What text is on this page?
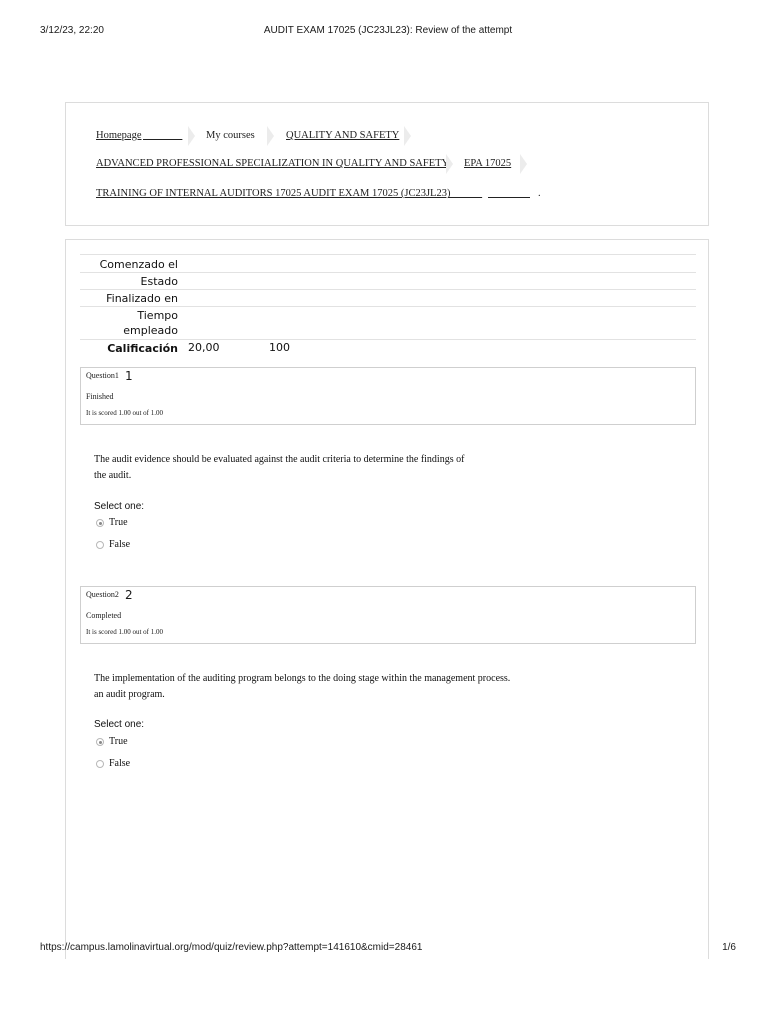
3/12/23, 22:20	AUDIT EXAM 17025 (JC23JL23): Review of the attempt
Homepage
	My courses	QUALITY AND SAFETY
ADVANCED PROFESSIONAL SPECIALIZATION IN QUALITY AND SAFETY EPA 17025
TRAINING OF INTERNAL AUDITORS 17025 AUDIT EXAM 17025 (JC23JL23)

	.
Comenzado el
Estado
Finalizado en
Tiempo
empleado
Calificación 20,00	100
Question1 1
Finished
It is scored 1.00 out of 1.00
The audit evidence should be evaluated against the audit criteria to determine the findings of
the audit.
Select one:
True
False
Question2 2
Completed
It is scored 1.00 out of 1.00
The implementation of the auditing program belongs to the doing stage within the management process.
an audit program.
Select one:
True
False
https://campus.lamolinavirtual.org/mod/quiz/review.php?attempt=141610&cmid=28461	1/6
